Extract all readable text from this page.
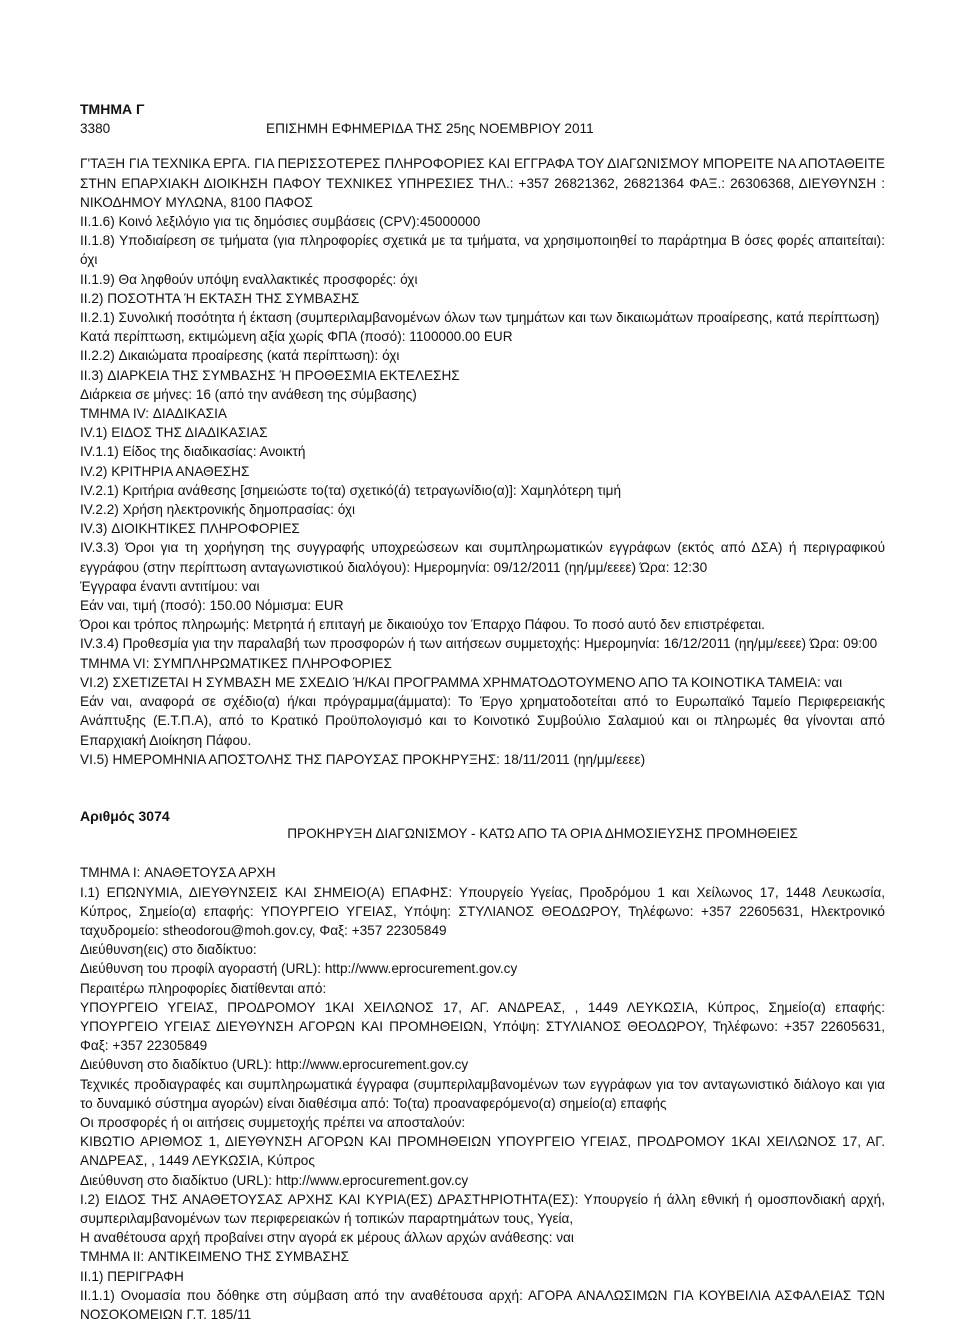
ΤΜΗΜΑ Γ
3380	ΕΠΙΣΗΜΗ ΕΦΗΜΕΡΙΔΑ ΤΗΣ 25ης ΝΟΕΜΒΡΙΟΥ 2011

Γ'ΤΑΞΗ ΓΙΑ ΤΕΧΝΙΚΑ ΕΡΓΑ. ΓΙΑ ΠΕΡΙΣΣΟΤΕΡΕΣ ΠΛΗΡΟΦΟΡΙΕΣ ΚΑΙ ΕΓΓΡΑΦΑ ΤΟΥ ΔΙΑΓΩΝΙΣΜΟΥ ΜΠΟΡΕΙΤΕ ΝΑ ΑΠΟΤΑΘΕΙΤΕ ΣΤΗΝ ΕΠΑΡΧΙΑΚΗ ΔΙΟΙΚΗΣΗ ΠΑΦΟΥ ΤΕΧΝΙΚΕΣ ΥΠΗΡΕΣΙΕΣ ΤΗΛ.: +357 26821362, 26821364 ΦΑΞ.: 26306368, ΔΙΕΥΘΥΝΣΗ : ΝΙΚΟΔΗΜΟΥ ΜΥΛΩΝΑ, 8100 ΠΑΦΟΣ

II.1.6) Κοινό λεξιλόγιο για τις δημόσιες συμβάσεις (CPV):45000000

II.1.8) Υποδιαίρεση σε τμήματα (για πληροφορίες σχετικά με τα τμήματα, να χρησιμοποιηθεί το παράρτημα Β όσες φορές απαιτείται): όχι

II.1.9) Θα ληφθούν υπόψη εναλλακτικές προσφορές: όχι

II.2) ΠΟΣΟΤΗΤΑ Ή ΕΚΤΑΣΗ ΤΗΣ ΣΥΜΒΑΣΗΣ

II.2.1) Συνολική ποσότητα ή έκταση (συμπεριλαμβανομένων όλων των τμημάτων και των δικαιωμάτων προαίρεσης, κατά περίπτωση)

Κατά περίπτωση, εκτιμώμενη αξία χωρίς ΦΠΑ (ποσό): 1100000.00 EUR

II.2.2) Δικαιώματα προαίρεσης (κατά περίπτωση): όχι

II.3) ΔΙΑΡΚΕΙΑ ΤΗΣ ΣΥΜΒΑΣΗΣ Ή ΠΡΟΘΕΣΜΙΑ ΕΚΤΕΛΕΣΗΣ

Διάρκεια σε μήνες: 16 (από την ανάθεση της σύμβασης)

ΤΜΗΜΑ IV: ΔΙΑΔΙΚΑΣΙΑ

IV.1) ΕΙΔΟΣ ΤΗΣ ΔΙΑΔΙΚΑΣΙΑΣ

IV.1.1) Είδος της διαδικασίας: Ανοικτή

IV.2) ΚΡΙΤΗΡΙΑ ΑΝΑΘΕΣΗΣ

IV.2.1) Κριτήρια ανάθεσης [σημειώστε το(τα) σχετικό(ά) τετραγωνίδιο(α)]: Χαμηλότερη τιμή

IV.2.2) Χρήση ηλεκτρονικής δημοπρασίας: όχι

IV.3) ΔΙΟΙΚΗΤΙΚΕΣ ΠΛΗΡΟΦΟΡΙΕΣ

IV.3.3) Όροι για τη χορήγηση της συγγραφής υποχρεώσεων και συμπληρωματικών εγγράφων (εκτός από ΔΣΑ) ή περιγραφικού εγγράφου (στην περίπτωση ανταγωνιστικού διαλόγου): Ημερομηνία: 09/12/2011 (ηη/μμ/εεεε) Ώρα: 12:30

Έγγραφα έναντι αντιτίμου: ναι

Εάν ναι, τιμή (ποσό): 150.00 Νόμισμα: EUR

Όροι και τρόπος πληρωμής: Μετρητά ή επιταγή με δικαιούχο τον Έπαρχο Πάφου. Το ποσό αυτό δεν επιστρέφεται.

IV.3.4) Προθεσμία για την παραλαβή των προσφορών ή των αιτήσεων συμμετοχής: Ημερομηνία: 16/12/2011 (ηη/μμ/εεεε) Ώρα: 09:00

ΤΜΗΜΑ VI: ΣΥΜΠΛΗΡΩΜΑΤΙΚΕΣ ΠΛΗΡΟΦΟΡΙΕΣ

VI.2) ΣΧΕΤΙΖΕΤΑΙ Η ΣΥΜΒΑΣΗ ΜΕ ΣΧΕΔΙΟ Ή/ΚΑΙ ΠΡΟΓΡΑΜΜΑ ΧΡΗΜΑΤΟΔΟΤΟΥΜΕΝΟ ΑΠΟ ΤΑ ΚΟΙΝΟΤΙΚΑ ΤΑΜΕΙΑ: ναι

Εάν ναι, αναφορά σε σχέδιο(α) ή/και πρόγραμμα(άμματα): Το Έργο χρηματοδοτείται από το Ευρωπαϊκό Ταμείο Περιφερειακής Ανάπτυξης (Ε.Τ.Π.Α), από το Κρατικό Προϋπολογισμό και το Κοινοτικό Συμβούλιο Σαλαμιού και οι πληρωμές θα γίνονται από Επαρχιακή Διοίκηση Πάφου.

VI.5) ΗΜΕΡΟΜΗΝΙΑ ΑΠΟΣΤΟΛΗΣ ΤΗΣ ΠΑΡΟΥΣΑΣ ΠΡΟΚΗΡΥΞΗΣ: 18/11/2011 (ηη/μμ/εεεε)

Αριθμός 3074
ΠΡΟΚΗΡΥΞΗ ΔΙΑΓΩΝΙΣΜΟΥ - ΚΑΤΩ ΑΠΟ ΤΑ ΟΡΙΑ ΔΗΜΟΣΙΕΥΣΗΣ ΠΡΟΜΗΘΕΙΕΣ

ΤΜΗΜΑ I: ΑΝΑΘΕΤΟΥΣΑ ΑΡΧΗ

I.1) ΕΠΩΝΥΜΙΑ, ΔΙΕΥΘΥΝΣΕΙΣ ΚΑΙ ΣΗΜΕΙΟ(Α) ΕΠΑΦΗΣ: Υπουργείο Υγείας, Προδρόμου 1 και Χείλωνος 17, 1448 Λευκωσία, Κύπρος, Σημείο(α) επαφής: ΥΠΟΥΡΓΕΙΟ ΥΓΕΙΑΣ, Υπόψη: ΣΤΥΛΙΑΝΟΣ ΘΕΟΔΩΡΟΥ, Τηλέφωνο: +357 22605631, Ηλεκτρονικό ταχυδρομείο: stheodorou@moh.gov.cy, Φαξ: +357 22305849

Διεύθυνση(εις) στο διαδίκτυο:

Διεύθυνση του προφίλ αγοραστή (URL): http://www.eprocurement.gov.cy

Περαιτέρω πληροφορίες διατίθενται από:

ΥΠΟΥΡΓΕΙΟ ΥΓΕΙΑΣ, ΠΡΟΔΡΟΜΟΥ 1ΚΑΙ ΧΕΙΛΩΝΟΣ 17, ΑΓ. ΑΝΔΡΕΑΣ, , 1449 ΛΕΥΚΩΣΙΑ, Κύπρος, Σημείο(α) επαφής: ΥΠΟΥΡΓΕΙΟ ΥΓΕΙΑΣ ΔΙΕΥΘΥΝΣΗ ΑΓΟΡΩΝ ΚΑΙ ΠΡΟΜΗΘΕΙΩΝ, Υπόψη: ΣΤΥΛΙΑΝΟΣ ΘΕΟΔΩΡΟΥ, Τηλέφωνο: +357 22605631, Φαξ: +357 22305849

Διεύθυνση στο διαδίκτυο (URL): http://www.eprocurement.gov.cy

Τεχνικές προδιαγραφές και συμπληρωματικά έγγραφα (συμπεριλαμβανομένων των εγγράφων για τον ανταγωνιστικό διάλογο και για το δυναμικό σύστημα αγορών) είναι διαθέσιμα από: Το(τα) προαναφερόμενο(α) σημείο(α) επαφής

Οι προσφορές ή οι αιτήσεις συμμετοχής πρέπει να αποσταλούν:

ΚΙΒΩΤΙΟ ΑΡΙΘΜΟΣ 1, ΔΙΕΥΘΥΝΣΗ ΑΓΟΡΩΝ ΚΑΙ ΠΡΟΜΗΘΕΙΩΝ ΥΠΟΥΡΓΕΙΟ ΥΓΕΙΑΣ, ΠΡΟΔΡΟΜΟΥ 1ΚΑΙ ΧΕΙΛΩΝΟΣ 17, ΑΓ. ΑΝΔΡΕΑΣ, , 1449 ΛΕΥΚΩΣΙΑ, Κύπρος

Διεύθυνση στο διαδίκτυο (URL): http://www.eprocurement.gov.cy

I.2) ΕΙΔΟΣ ΤΗΣ ΑΝΑΘΕΤΟΥΣΑΣ ΑΡΧΗΣ ΚΑΙ ΚΥΡΙΑ(ΕΣ) ΔΡΑΣΤΗΡΙΟΤΗΤΑ(ΕΣ): Υπουργείο ή άλλη εθνική ή ομοσπονδιακή αρχή, συμπεριλαμβανομένων των περιφερειακών ή τοπικών παραρτημάτων τους, Υγεία,

Η αναθέτουσα αρχή προβαίνει στην αγορά εκ μέρους άλλων αρχών ανάθεσης: ναι

ΤΜΗΜΑ II: ΑΝΤΙΚΕΙΜΕΝΟ ΤΗΣ ΣΥΜΒΑΣΗΣ

II.1) ΠΕΡΙΓΡΑΦΗ

II.1.1) Ονομασία που δόθηκε στη σύμβαση από την αναθέτουσα αρχή: ΑΓΟΡΑ ΑΝΑΛΩΣΙΜΩΝ ΓΙΑ ΚΟΥΒΕΙΛΙΑ ΑΣΦΑΛΕΙΑΣ ΤΩΝ ΝΟΣΟΚΟΜΕΙΩΝ Γ.Τ. 185/11
